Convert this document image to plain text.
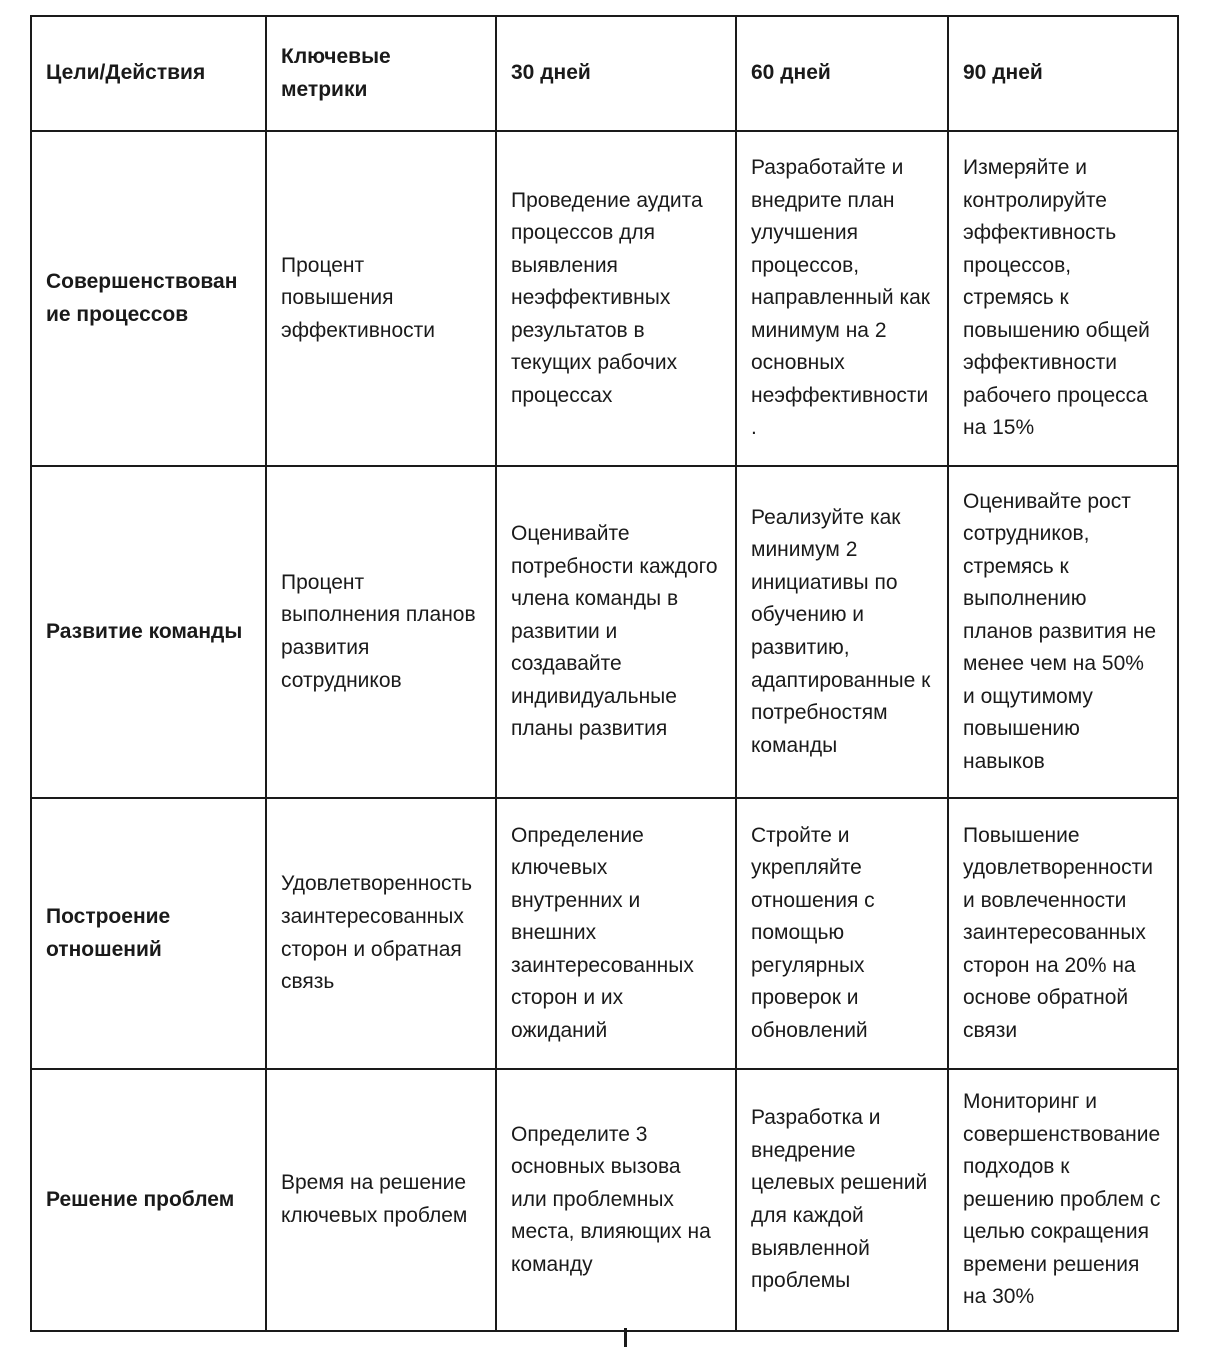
Цели/Действия	Ключевые метрики	30 дней	60 дней	90 дней
Совершенствование процессов	Процент повышения эффективности	Проведение аудита процессов для выявления неэффективных результатов в текущих рабочих процессах	Разработайте и внедрите план улучшения процессов, направленный как минимум на 2 основных неэффективности.	Измеряйте и контролируйте эффективность процессов, стремясь к повышению общей эффективности рабочего процесса на 15%
Развитие команды	Процент выполнения планов развития сотрудников	Оценивайте потребности каждого члена команды в развитии и создавайте индивидуальные планы развития	Реализуйте как минимум 2 инициативы по обучению и развитию, адаптированные к потребностям команды	Оценивайте рост сотрудников, стремясь к выполнению планов развития не менее чем на 50% и ощутимому повышению навыков
Построение отношений	Удовлетворенность заинтересованных сторон и обратная связь	Определение ключевых внутренних и внешних заинтересованных сторон и их ожиданий	Стройте и укрепляйте отношения с помощью регулярных проверок и обновлений	Повышение удовлетворенности и вовлеченности заинтересованных сторон на 20% на основе обратной связи
Решение проблем	Время на решение ключевых проблем	Определите 3 основных вызова или проблемных места, влияющих на команду	Разработка и внедрение целевых решений для каждой выявленной проблемы	Мониторинг и совершенствование подходов к решению проблем с целью сокращения времени решения на 30%
